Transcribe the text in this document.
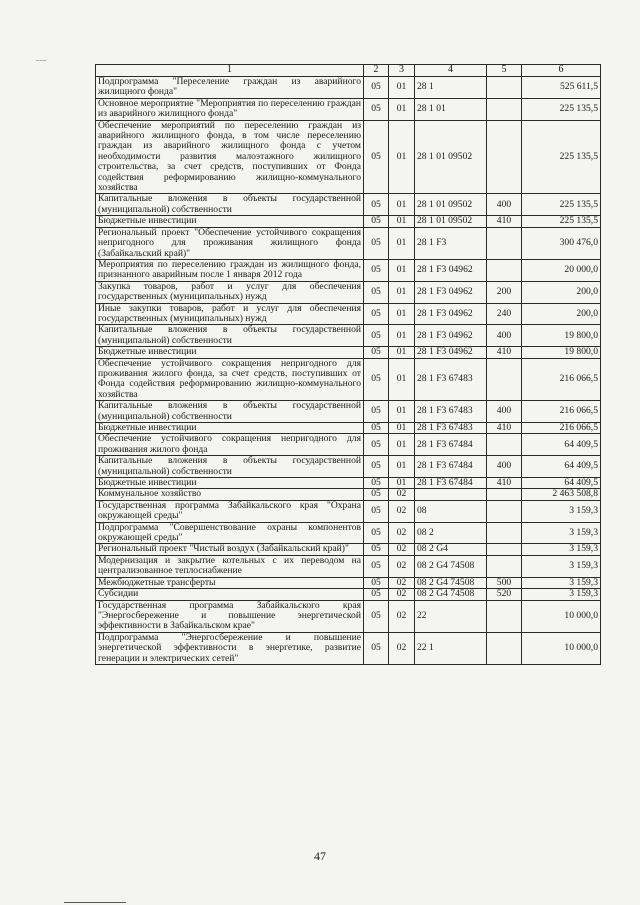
1	2	3	4	5	6
Подпрограмма "Переселение граждан из аварийного жилищного фонда"	05	01	28 1		525 611,5
Основное мероприятие "Мероприятия по переселению граждан из аварийного жилищного фонда"	05	01	28 1 01		225 135,5
Обеспечение мероприятий по переселению граждан из аварийного жилищного фонда, в том числе переселению граждан из аварийного жилищного фонда с учетом необходимости развития малоэтажного жилищного строительства, за счет средств, поступивших от Фонда содействия реформированию жилищно-коммунального хозяйства	05	01	28 1 01 09502		225 135,5
Капитальные вложения в объекты государственной (муниципальной) собственности	05	01	28 1 01 09502	400	225 135,5
Бюджетные инвестиции	05	01	28 1 01 09502	410	225 135,5
Региональный проект "Обеспечение устойчивого сокращения непригодного для проживания жилищного фонда (Забайкальский край)"	05	01	28 1 F3		300 476,0
Мероприятия по переселению граждан из жилищного фонда, признанного аварийным после 1 января 2012 года	05	01	28 1 F3 04962		20 000,0
Закупка товаров, работ и услуг для обеспечения государственных (муниципальных) нужд	05	01	28 1 F3 04962	200	200,0
Иные закупки товаров, работ и услуг для обеспечения государственных (муниципальных) нужд	05	01	28 1 F3 04962	240	200,0
Капитальные вложения в объекты государственной (муниципальной) собственности	05	01	28 1 F3 04962	400	19 800,0
Бюджетные инвестиции	05	01	28 1 F3 04962	410	19 800,0
Обеспечение устойчивого сокращения непригодного для проживания жилого фонда, за счет средств, поступивших от Фонда содействия реформированию жилищно-коммунального хозяйства	05	01	28 1 F3 67483		216 066,5
Капитальные вложения в объекты государственной (муниципальной) собственности	05	01	28 1 F3 67483	400	216 066,5
Бюджетные инвестиции	05	01	28 1 F3 67483	410	216 066,5
Обеспечение устойчивого сокращения непригодного для проживания жилого фонда	05	01	28 1 F3 67484		64 409,5
Капитальные вложения в объекты государственной (муниципальной) собственности	05	01	28 1 F3 67484	400	64 409,5
Бюджетные инвестиции	05	01	28 1 F3 67484	410	64 409,5
Коммунальное хозяйство	05	02			2 463 508,8
Государственная программа Забайкальского края "Охрана окружающей среды"	05	02	08		3 159,3
Подпрограмма "Совершенствование охраны компонентов окружающей среды"	05	02	08 2		3 159,3
Региональный проект "Чистый воздух (Забайкальский край)"	05	02	08 2 G4		3 159,3
Модернизация и закрытие котельных с их переводом на централизованное теплоснабжение	05	02	08 2 G4 74508		3 159,3
Межбюджетные трансферты	05	02	08 2 G4 74508	500	3 159,3
Субсидии	05	02	08 2 G4 74508	520	3 159,3
Государственная программа Забайкальского края "Энергосбережение и повышение энергетической эффективности в Забайкальском крае"	05	02	22		10 000,0
Подпрограмма "Энергосбережение и повышение энергетической эффективности в энергетике, развитие генерации и электрических сетей"	05	02	22 1		10 000,0
47
